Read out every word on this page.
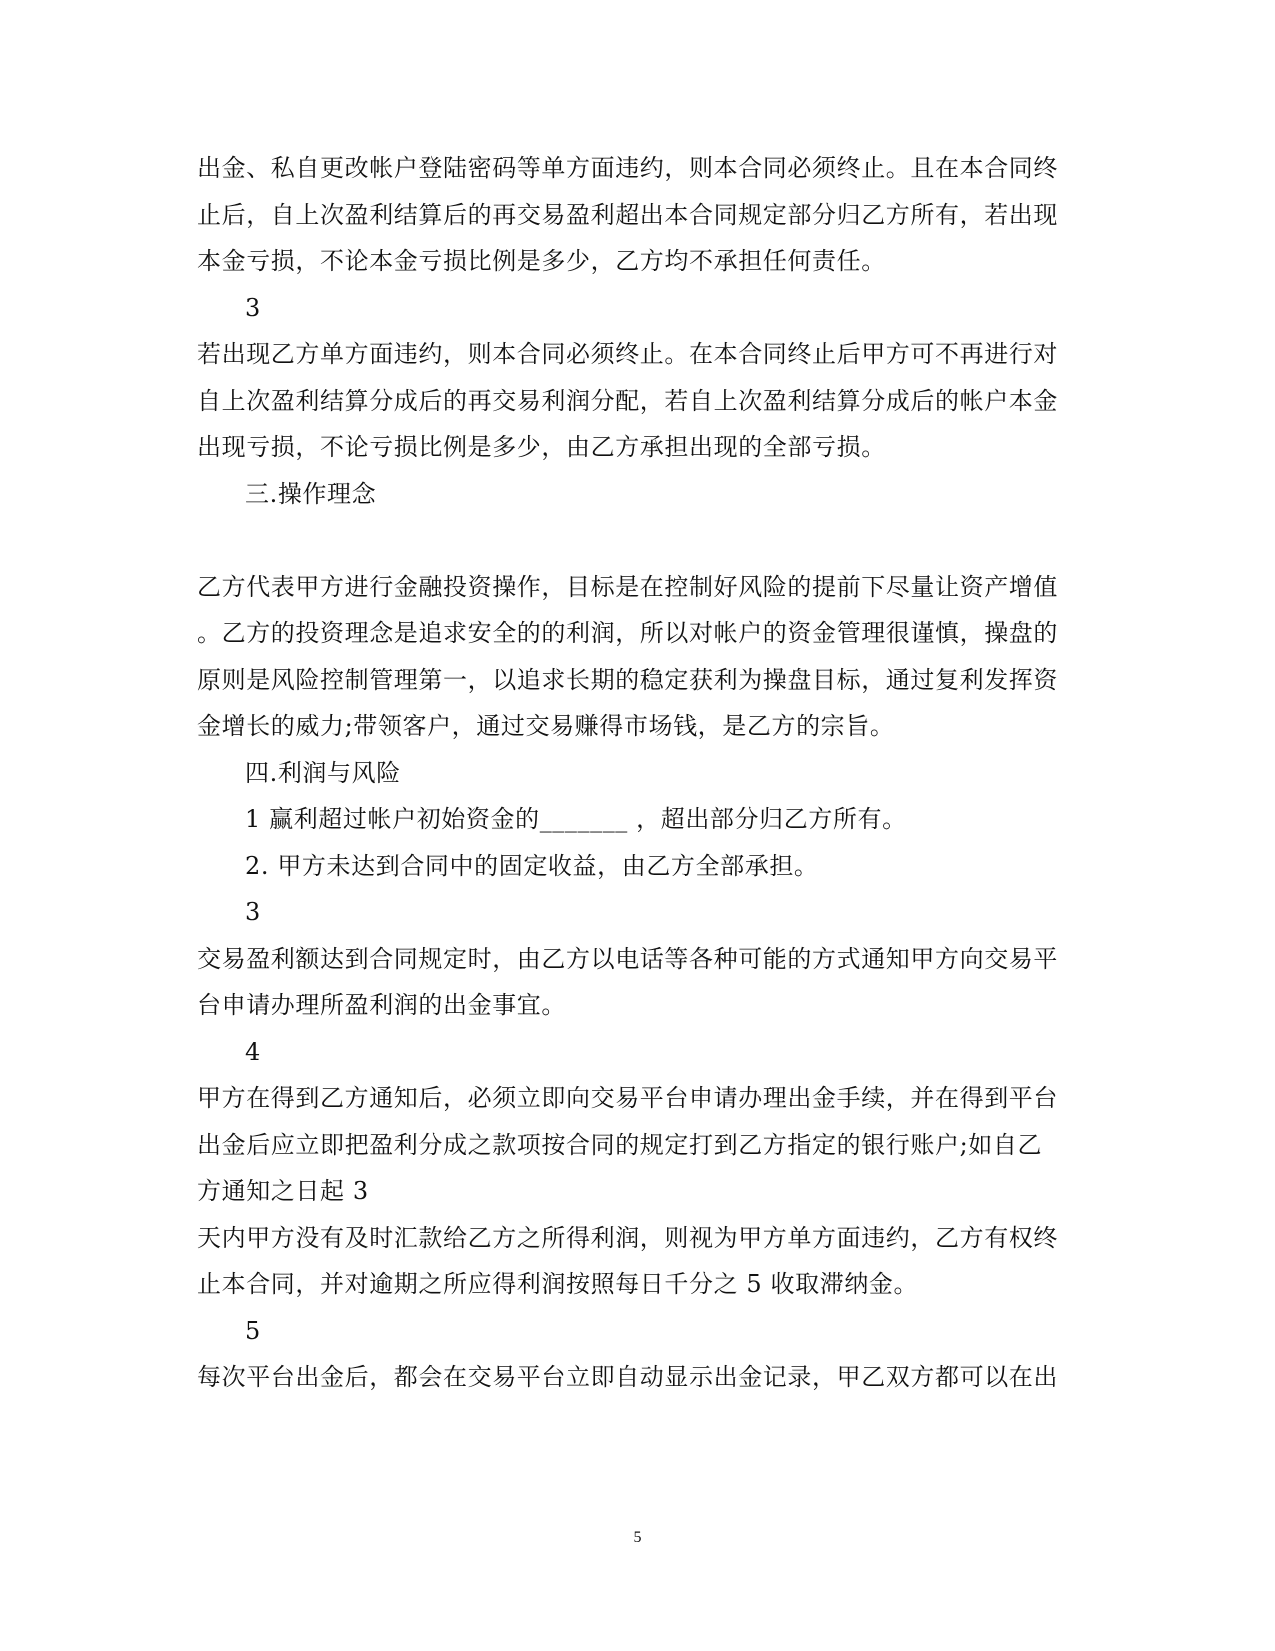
出金、私自更改帐户登陆密码等单方面违约，则本合同必须终止。且在本合同终
止后，自上次盈利结算后的再交易盈利超出本合同规定部分归乙方所有，若出现
本金亏损，不论本金亏损比例是多少，乙方均不承担任何责任。
3
若出现乙方单方面违约，则本合同必须终止。在本合同终止后甲方可不再进行对
自上次盈利结算分成后的再交易利润分配，若自上次盈利结算分成后的帐户本金
出现亏损，不论亏损比例是多少，由乙方承担出现的全部亏损。
三.操作理念
乙方代表甲方进行金融投资操作，目标是在控制好风险的提前下尽量让资产增值
。乙方的投资理念是追求安全的的利润，所以对帐户的资金管理很谨慎，操盘的
原则是风险控制管理第一，以追求长期的稳定获利为操盘目标，通过复利发挥资
金增长的威力;带领客户，通过交易赚得市场钱，是乙方的宗旨。
四.利润与风险
1 赢利超过帐户初始资金的_______ ，超出部分归乙方所有。
2. 甲方未达到合同中的固定收益，由乙方全部承担。
3
交易盈利额达到合同规定时，由乙方以电话等各种可能的方式通知甲方向交易平
台申请办理所盈利润的出金事宜。
4
甲方在得到乙方通知后，必须立即向交易平台申请办理出金手续，并在得到平台
出金后应立即把盈利分成之款项按合同的规定打到乙方指定的银行账户;如自乙
方通知之日起 3
天内甲方没有及时汇款给乙方之所得利润，则视为甲方单方面违约，乙方有权终
止本合同，并对逾期之所应得利润按照每日千分之 5 收取滞纳金。
5
每次平台出金后，都会在交易平台立即自动显示出金记录，甲乙双方都可以在出
5
